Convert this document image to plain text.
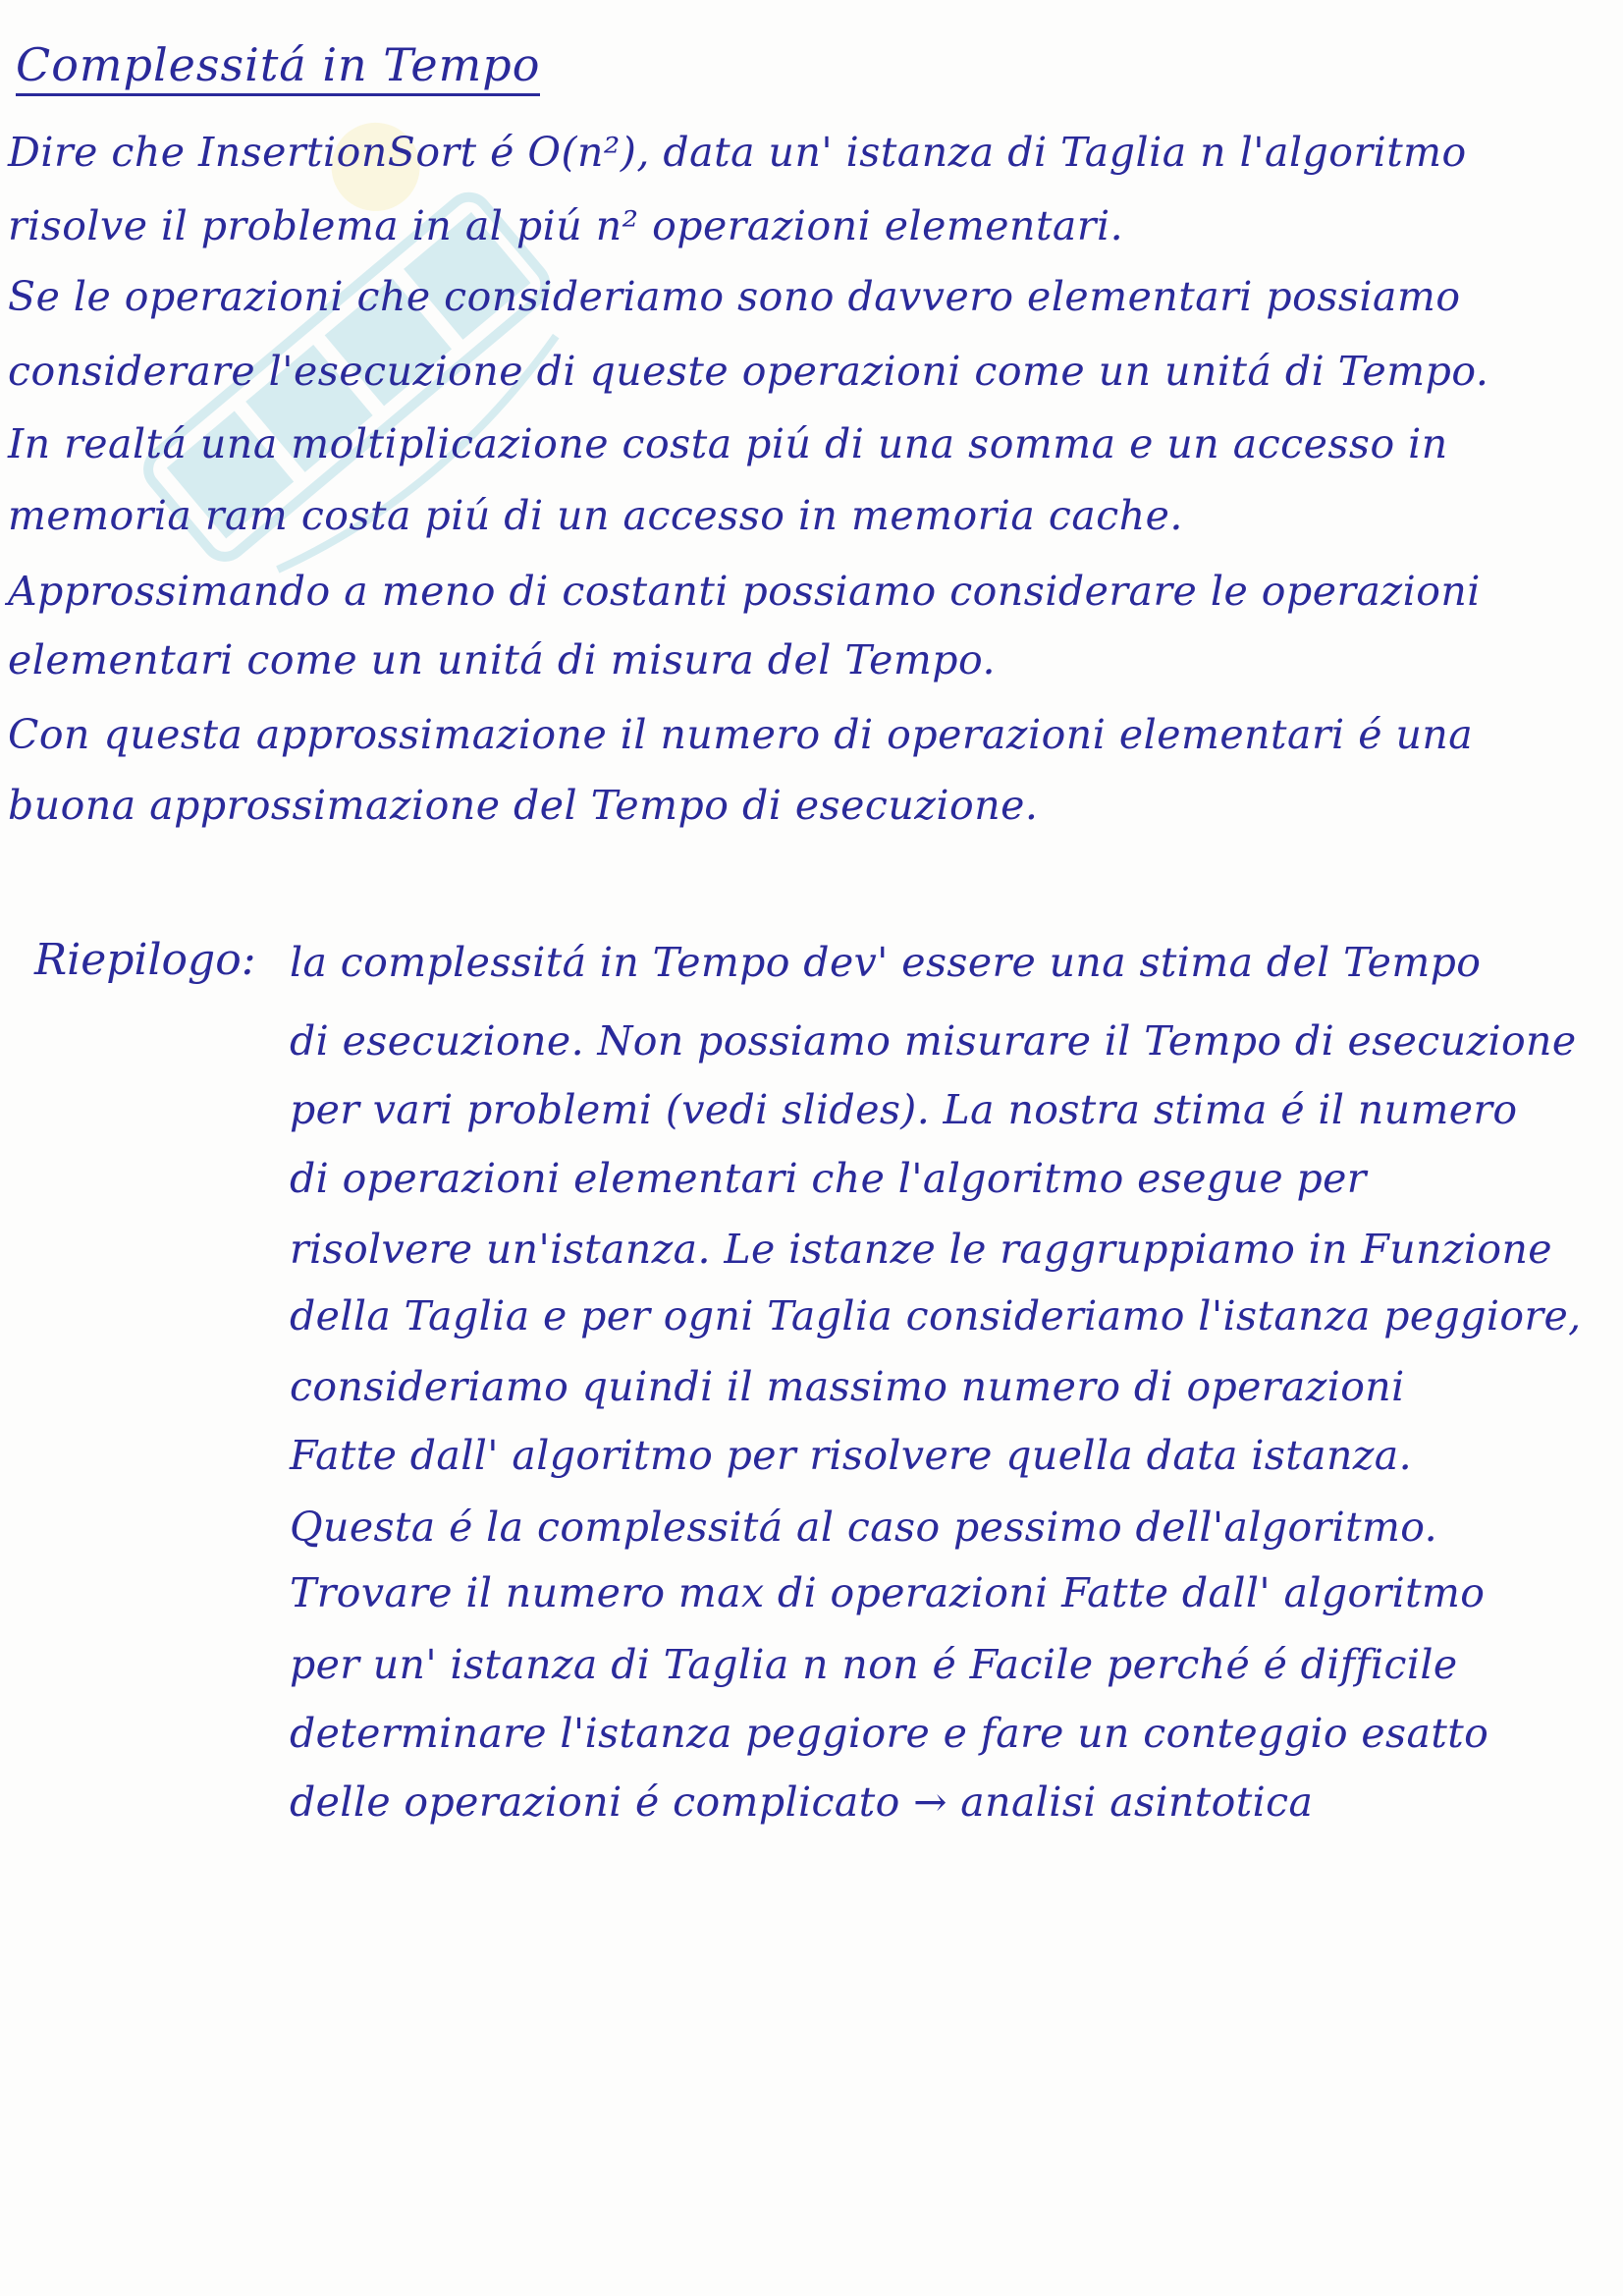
Complessitá in Tempo
Dire che InsertionSort é O(n²), data un' istanza di Taglia n l'algoritmo
risolve il problema in al piú n² operazioni elementari.
Se le operazioni che consideriamo sono davvero elementari possiamo
considerare l'esecuzione di queste operazioni come un unitá di Tempo.
In realtá una moltiplicazione costa piú di una somma e un accesso in
memoria ram costa piú di un accesso in memoria cache.
Approssimando a meno di costanti possiamo considerare le operazioni
elementari come un unitá di misura del Tempo.
Con questa approssimazione il numero di operazioni elementari é una
buona approssimazione del Tempo di esecuzione.
Riepilogo: la complessitá in Tempo dev' essere una stima del Tempo
di esecuzione. Non possiamo misurare il Tempo di esecuzione
per vari problemi (vedi slides). La nostra stima é il numero
di operazioni elementari che l'algoritmo esegue per
risolvere un'istanza. Le istanze le raggruppiamo in Funzione
della Taglia e per ogni Taglia consideriamo l'istanza peggiore,
consideriamo quindi il massimo numero di operazioni
Fatte dall' algoritmo per risolvere quella data istanza.
Questa é la complessitá al caso pessimo dell'algoritmo.
Trovare il numero max di operazioni Fatte dall' algoritmo
per un' istanza di Taglia n non é Facile perché é difficile
determinare l'istanza peggiore e fare un conteggio esatto
delle operazioni é complicato → analisi asintotica
